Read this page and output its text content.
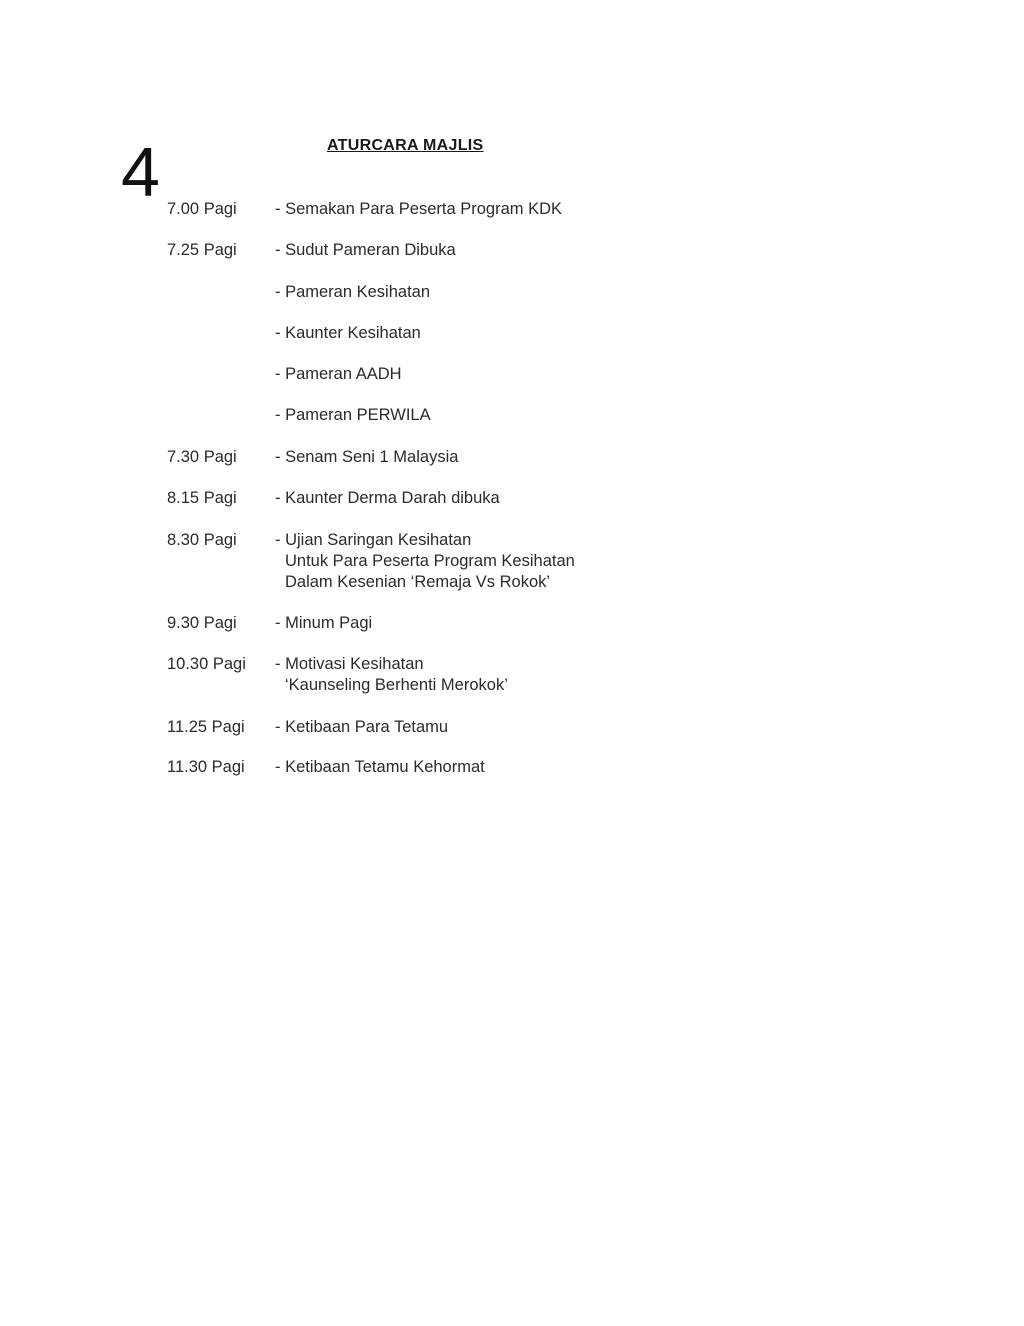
4	ATURCARA MAJLIS
7.00 Pagi - Semakan Para Peserta Program KDK
7.25 Pagi - Sudut Pameran Dibuka
- Pameran Kesihatan
- Kaunter Kesihatan
- Pameran AADH
- Pameran PERWILA
7.30 Pagi - Senam Seni 1 Malaysia
8.15 Pagi - Kaunter Derma Darah dibuka
8.30 Pagi - Ujian Saringan Kesihatan
Untuk Para Peserta Program Kesihatan
Dalam Kesenian ‘Remaja Vs Rokok’
9.30 Pagi - Minum Pagi
10.30 Pagi - Motivasi Kesihatan
‘Kaunseling Berhenti Merokok’
11.25 Pagi - Ketibaan Para Tetamu
11.30 Pagi - Ketibaan Tetamu Kehormat
